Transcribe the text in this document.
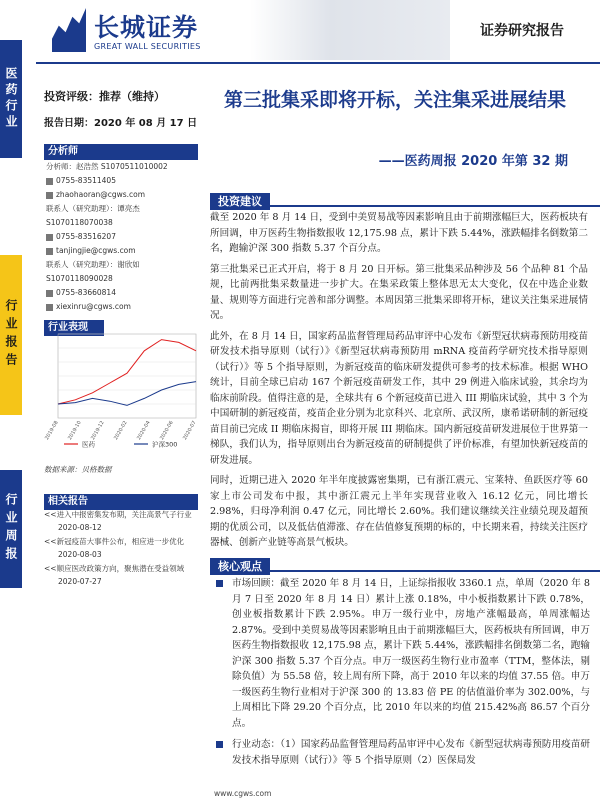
长城证券
GREAT WALL SECURITIES
证券研究报告
医药行业
行业报告
行业周报
投资评级：推荐（维持）
报告日期：2020 年 08 月 17 日
第三批集采即将开标，关注集采进展结果
——医药周报 2020 年第 32 期
分析师
分析师：赵浩然 S1070511010002
0755-83511405
zhaohaoran@cgws.com
联系人（研究助理）：谭亮杰
S1070118070038
0755-83516207
tanjingjie@cgws.com
联系人（研究助理）：谢欣如
S1070118090028
0755-83660814
xiexinru@cgws.com
行业表现
2019-08 2019-10 2019-12 2020-02 2020-04 2020-06 2020-07
医药	沪深300
数据来源：贝格数据
相关报告
<<进入中报密集发布期，关注高景气子行业
2020-08-12
<<新冠疫苗大事件公布，相应进一步优化
2020-08-03
<<顺应医改政策方向，聚焦潜在受益领域
2020-07-27
投资建议

截至 2020 年 8 月 14 日，受到中美贸易战等因素影响且由于前期涨幅巨大，医药板块有所回调，申万医药生物指数报收 12,175.98 点，累计下跌 5.44%，涨跌幅排名倒数第二名，跑输沪深 300 指数 5.37 个百分点。

第三批集采已正式开启，将于 8 月 20 日开标。第三批集采品种涉及 56 个品种 81 个品规，比前两批集采数量进一步扩大。在集采政策上整体思无太大变化，仅在中选企业数量、规则等方面进行完善和部分调整。本周因第三批集采即将开标，建议关注集采进展情况。

此外，在 8 月 14 日，国家药品监督管理局药品审评中心发布《新型冠状病毒预防用疫苗研发技术指导原则（试行）》《新型冠状病毒预防用 mRNA 疫苗药学研究技术指导原则（试行）》等 5 个指导原则，为新冠疫苗的临床研发提供可参考的技术标准。根据 WHO 统计，目前全球已启动 167 个新冠疫苗研发工作，其中 29 例进入临床试验，其余均为临床前阶段。值得注意的是，全球共有 6 个新冠疫苗已进入 III 期临床试验，其中 3 个为中国研制的新冠疫苗，疫苗企业分别为北京科兴、北京所、武汉所，康希诺研制的新冠疫苗目前已完成 II 期临床揭盲，即将开展 III 期临床。国内新冠疫苗研发进展位于世界第一梯队，我们认为，指导原则出台为新冠疫苗的研制提供了评价标准，有望加快新冠疫苗的研发进展。

同时，近期已进入 2020 年半年度披露密集期，已有浙江震元、宝莱特、鱼跃医疗等 60 家上市公司发布中报，其中浙江震元上半年实现营业收入 16.12 亿元，同比增长 2.98%，归母净利润 0.47 亿元，同比增长 2.60%。我们建议继续关注业绩兑现及超预期的优质公司，以及低估值滞涨、存在估值修复预期的标的，中长期来看，持续关注医疗器械、创新产业链等高景气板块。

核心观点
市场回顾：截至 2020 年 8 月 14 日，上证综指报收 3360.1 点，单周（2020 年 8 月 7 日至 2020 年 8 月 14 日）累计上涨 0.18%，中小板指数累计下跌 0.78%，创业板指数累计下跌 2.95%。申万一级行业中，房地产涨幅最高，单周涨幅达 2.87%。受到中美贸易战等因素影响且由于前期涨幅巨大，医药板块有所回调，申万医药生物指数报收 12,175.98 点，累计下跌 5.44%，涨跌幅排名倒数第二名，跑输沪深 300 指数 5.37 个百分点。申万一级医药生物行业市盈率（TTM，整体法，剔除负值）为 55.58 倍，较上周有所下降，高于 2010 年以来的均值 37.55 倍。申万一级医药生物行业相对于沪深 300 的 13.83 倍 PE 的估值溢价率为 302.00%，与上周相比下降 29.20 个百分点，比 2010 年以来的均值 215.42%高 86.57 个百分点。
行业动态：（1）国家药品监督管理局药品审评中心发布《新型冠状病毒预防用疫苗研发技术指导原则（试行）》等 5 个指导原则（2）医保局发
www.cgws.com
